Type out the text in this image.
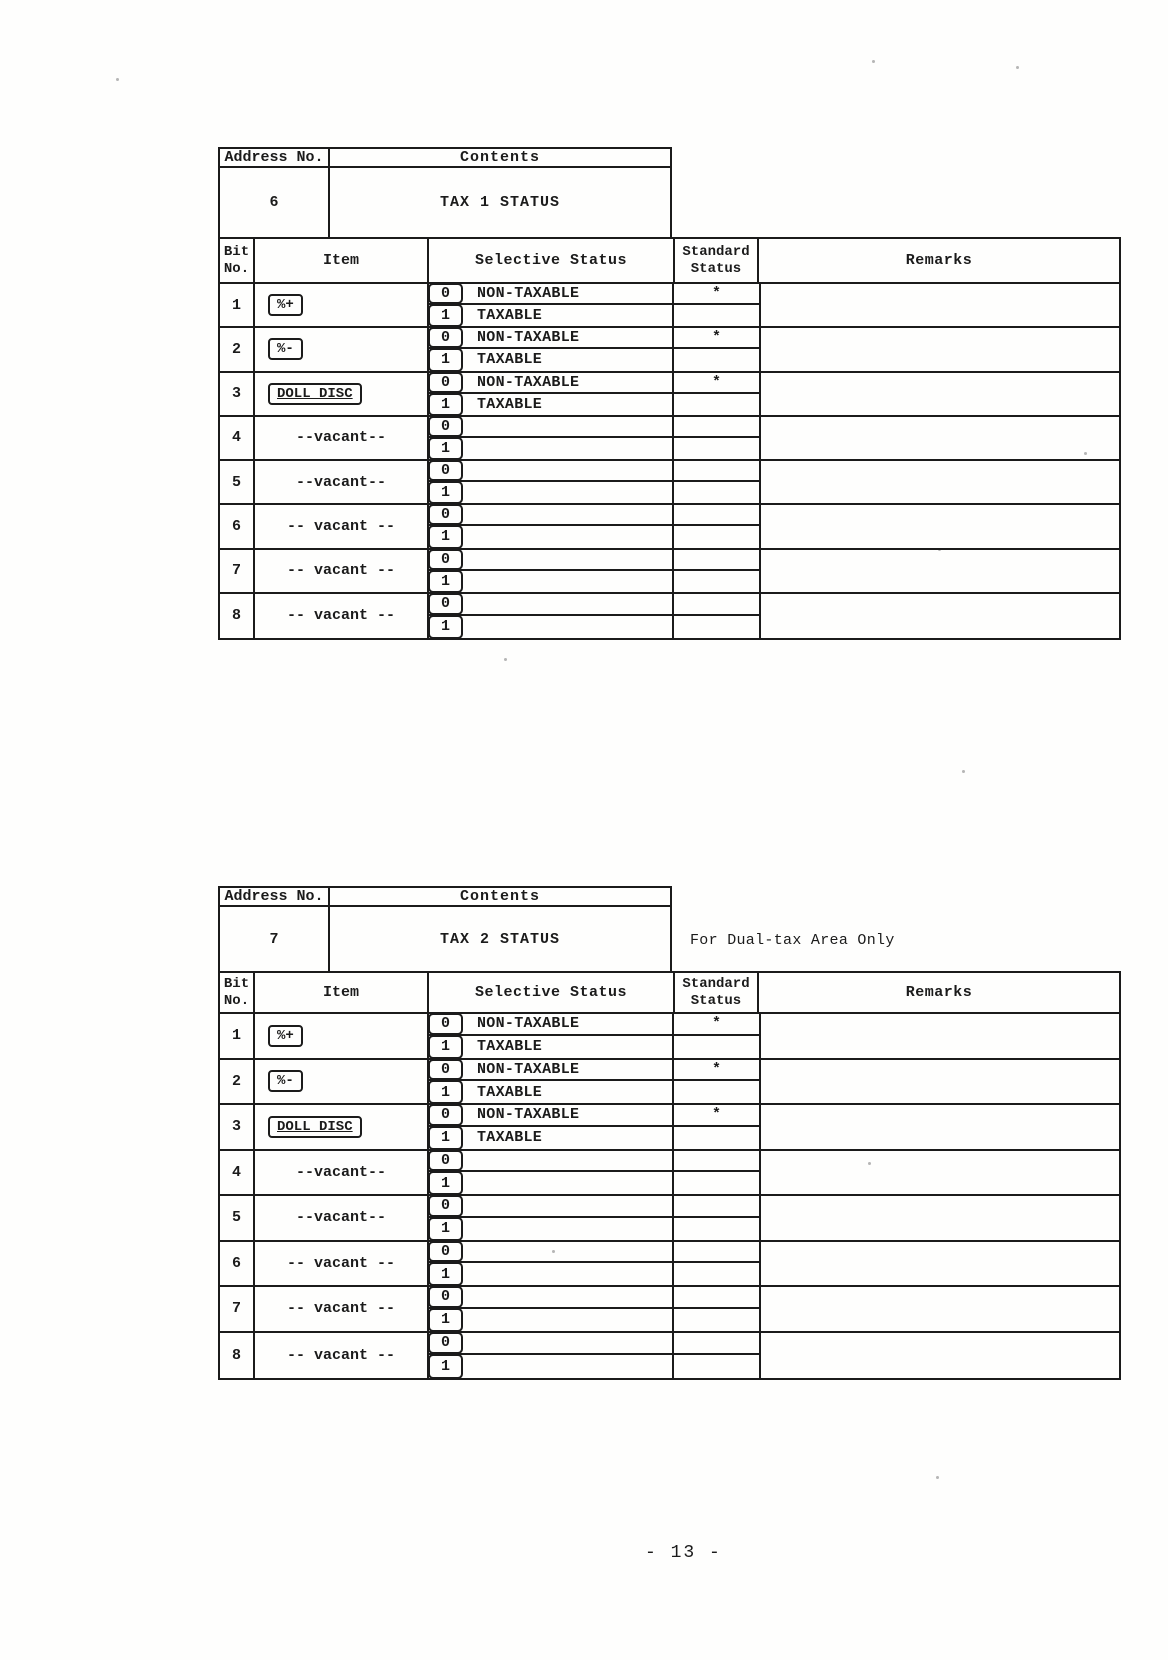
Address No.	Contents
6	TAX 1 STATUS
Bit
No.	Item	Selective Status
Standard
Status	Remarks
1	%+
0	NON-TAXABLE	*
1	TAXABLE
2	%-
0	NON-TAXABLE	*
1	TAXABLE
3	DOLL DISC
0	NON-TAXABLE	*
1	TAXABLE
4	--vacant--
0
1
5	--vacant--
0
1
6	-- vacant --
0
1
7	-- vacant --
0
1
8	-- vacant --
0
1
Address No.	Contents
7	TAX 2 STATUS	For Dual-tax Area Only
Bit
No.	Item	Selective Status
Standard
Status	Remarks
1	%+
0	NON-TAXABLE	*
1	TAXABLE
2	%-
0	NON-TAXABLE	*
1	TAXABLE
3	DOLL DISC
0	NON-TAXABLE	*
1	TAXABLE
4	--vacant--
0
1
5	--vacant--
0
1
6	-- vacant --
0
1
7	-- vacant --
0
1
8	-- vacant --
0
1
- 13 -
